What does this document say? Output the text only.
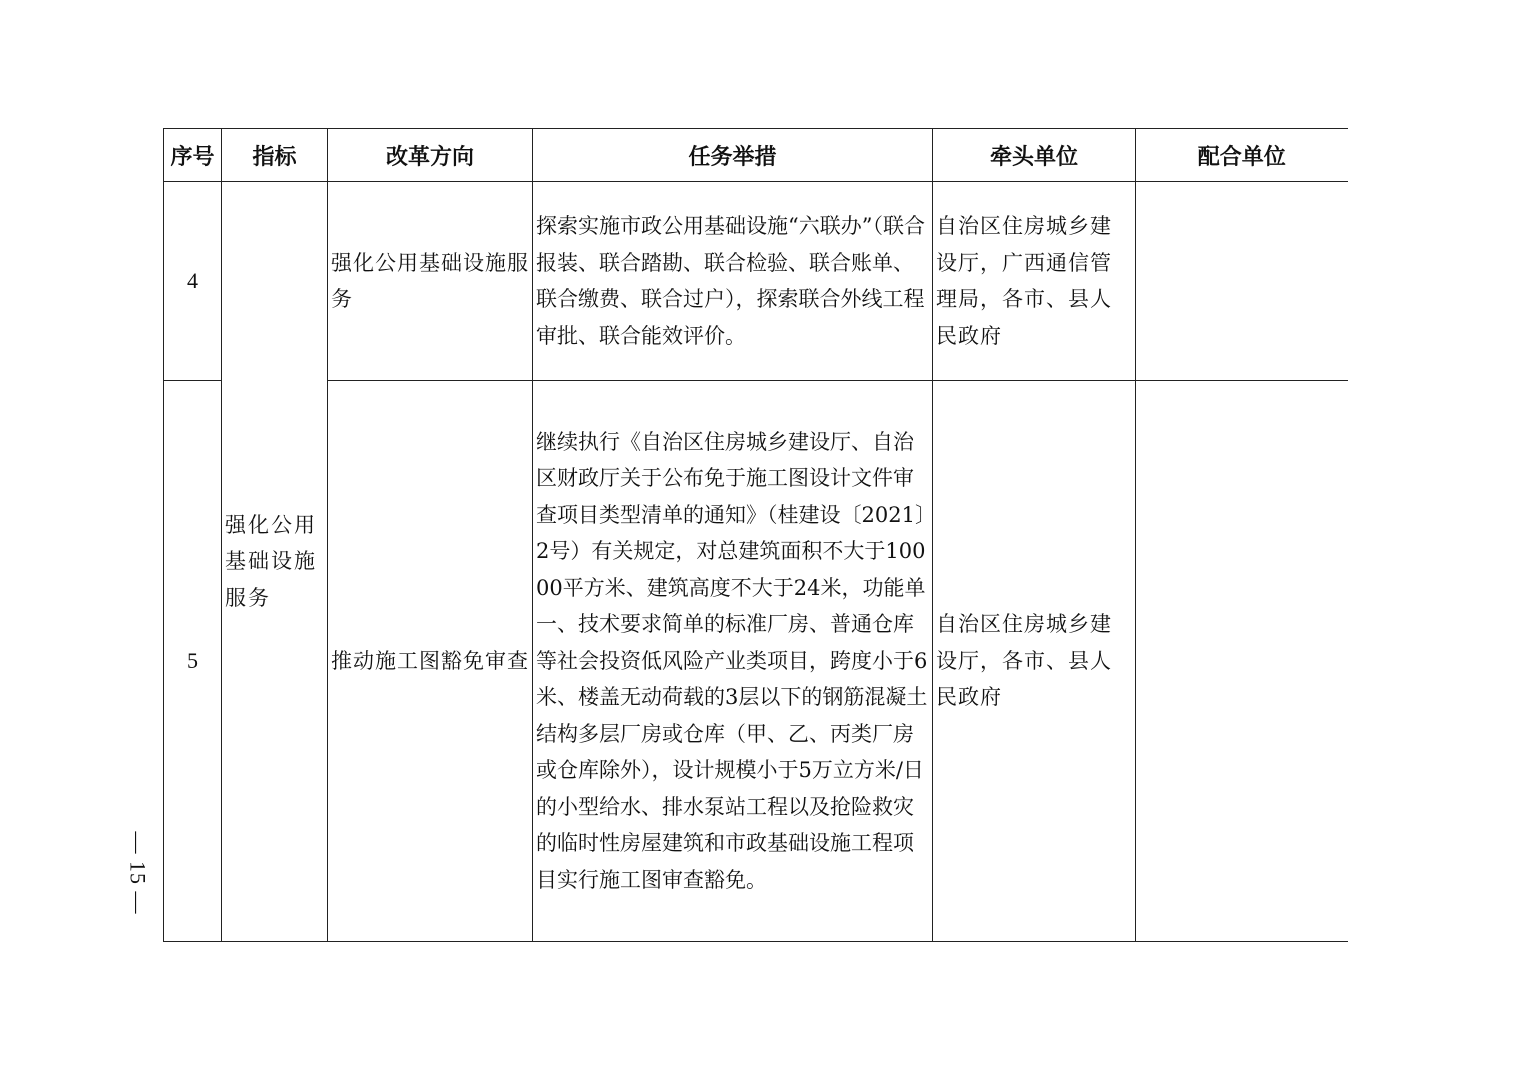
— 15 —
序号	指标	改革方向	任务举措	牵头单位	配合单位
4	强化公用基础设施服务	强化公用基础设施服务	探索实施市政公用基础设施“六联办”（联合报装、联合踏勘、联合检验、联合账单、联合缴费、联合过户），探索联合外线工程审批、联合能效评价。	自治区住房城乡建设厅，广西通信管理局，各市、县人民政府	
5		推动施工图豁免审查	继续执行《自治区住房城乡建设厅、自治区财政厅关于公布免于施工图设计文件审查项目类型清单的通知》（桂建设〔2021〕2号）有关规定，对总建筑面积不大于10000平方米、建筑高度不大于24米，功能单一、技术要求简单的标准厂房、普通仓库等社会投资低风险产业类项目，跨度小于6米、楼盖无动荷载的3层以下的钢筋混凝土结构多层厂房或仓库（甲、乙、丙类厂房或仓库除外），设计规模小于5万立方米/日的小型给水、排水泵站工程以及抢险救灾的临时性房屋建筑和市政基础设施工程项目实行施工图审查豁免。	自治区住房城乡建设厅，各市、县人民政府	
